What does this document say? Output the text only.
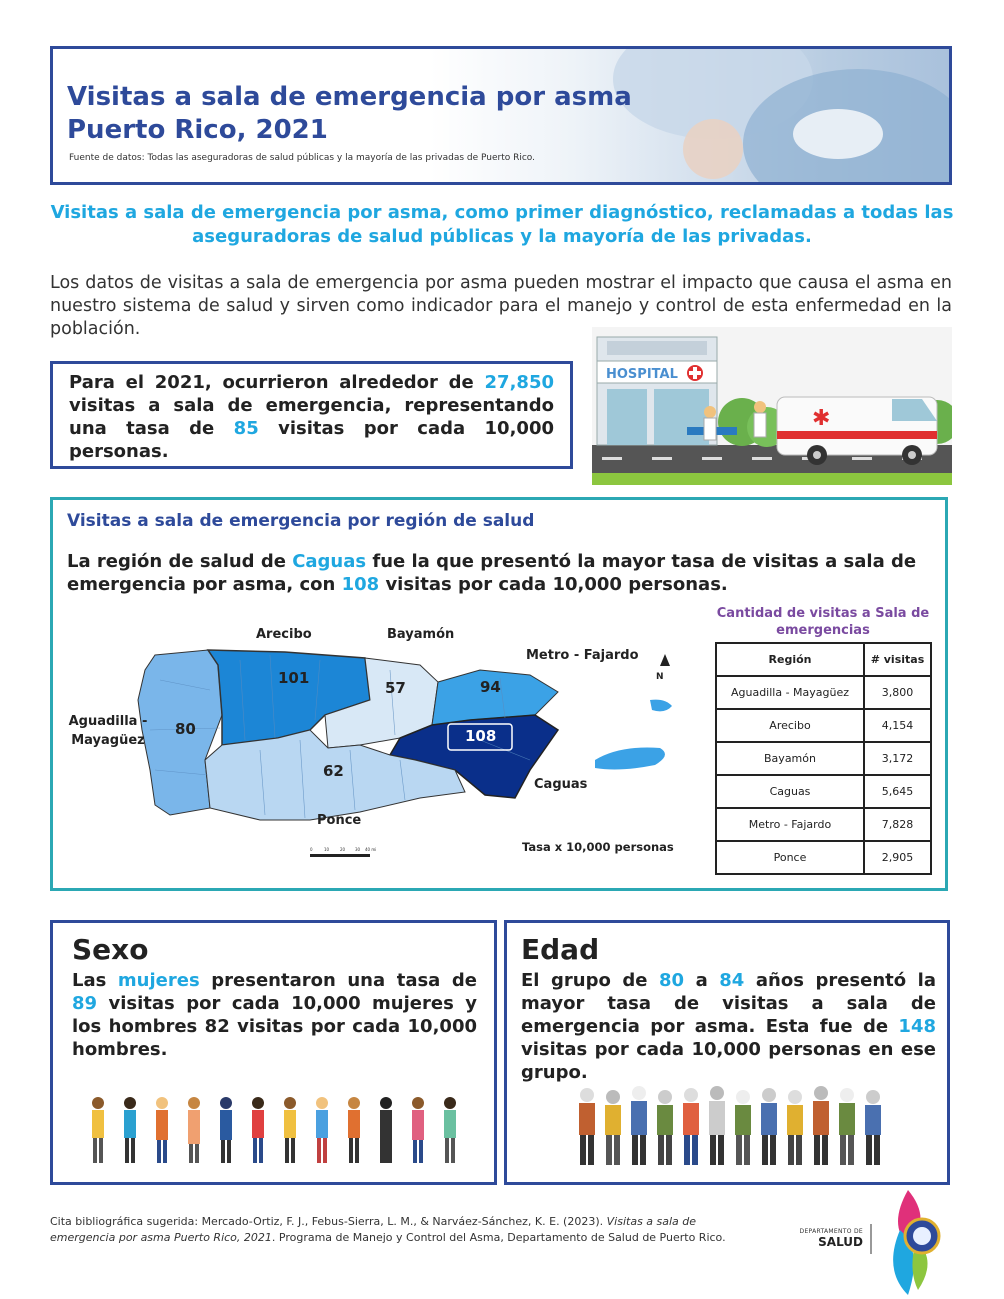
Visitas a sala de emergencia por asma
Puerto Rico, 2021
Fuente de datos: Todas las aseguradoras de salud públicas y la mayoría de las privadas de Puerto Rico.
Visitas a sala de emergencia por asma, como primer diagnóstico, reclamadas a todas las aseguradoras de salud públicas y la mayoría de las privadas.
Los datos de visitas a sala de emergencia por asma pueden mostrar el impacto que causa el asma en nuestro sistema de salud y sirven como indicador para el manejo y control de esta enfermedad en la población.

Para el 2021, ocurrieron alrededor de 27,850 visitas a sala de emergencia, representando una tasa de 85 visitas por cada 10,000 personas.

HOSPITAL
✱
Visitas a sala de emergencia por región de salud
La región de salud de Caguas fue la que presentó la mayor tasa de visitas a sala de emergencia por asma, con 108 visitas por cada 10,000 personas.
0	10	20 30 40 mi
Arecibo	Bayamón
Metro - Fajardo
N
Aguadilla -
Mayagüez
Caguas
Ponce
Tasa x 10,000 personas
101
57	94
80	108
62
Cantidad de visitas a Sala de emergencias
Región	# visitas
Aguadilla - Mayagüez	3,800
Arecibo	4,154
Bayamón	3,172
Caguas	5,645
Metro - Fajardo	7,828
Ponce	2,905
Sexo
Las mujeres presentaron una tasa de 89 visitas por cada 10,000 mujeres y los hombres 82 visitas por cada 10,000 hombres.
Edad
El grupo de 80 a 84 años presentó la mayor tasa de visitas a sala de emergencia por asma. Esta fue de 148 visitas por cada 10,000 personas en ese grupo.
Cita bibliográfica sugerida: Mercado-Ortiz, F. J., Febus-Sierra, L. M., & Narváez-Sánchez, K. E. (2023). Visitas a sala de emergencia por asma Puerto Rico, 2021. Programa de Manejo y Control del Asma, Departamento de Salud de Puerto Rico.	DEPARTAMENTO DE
SALUD
